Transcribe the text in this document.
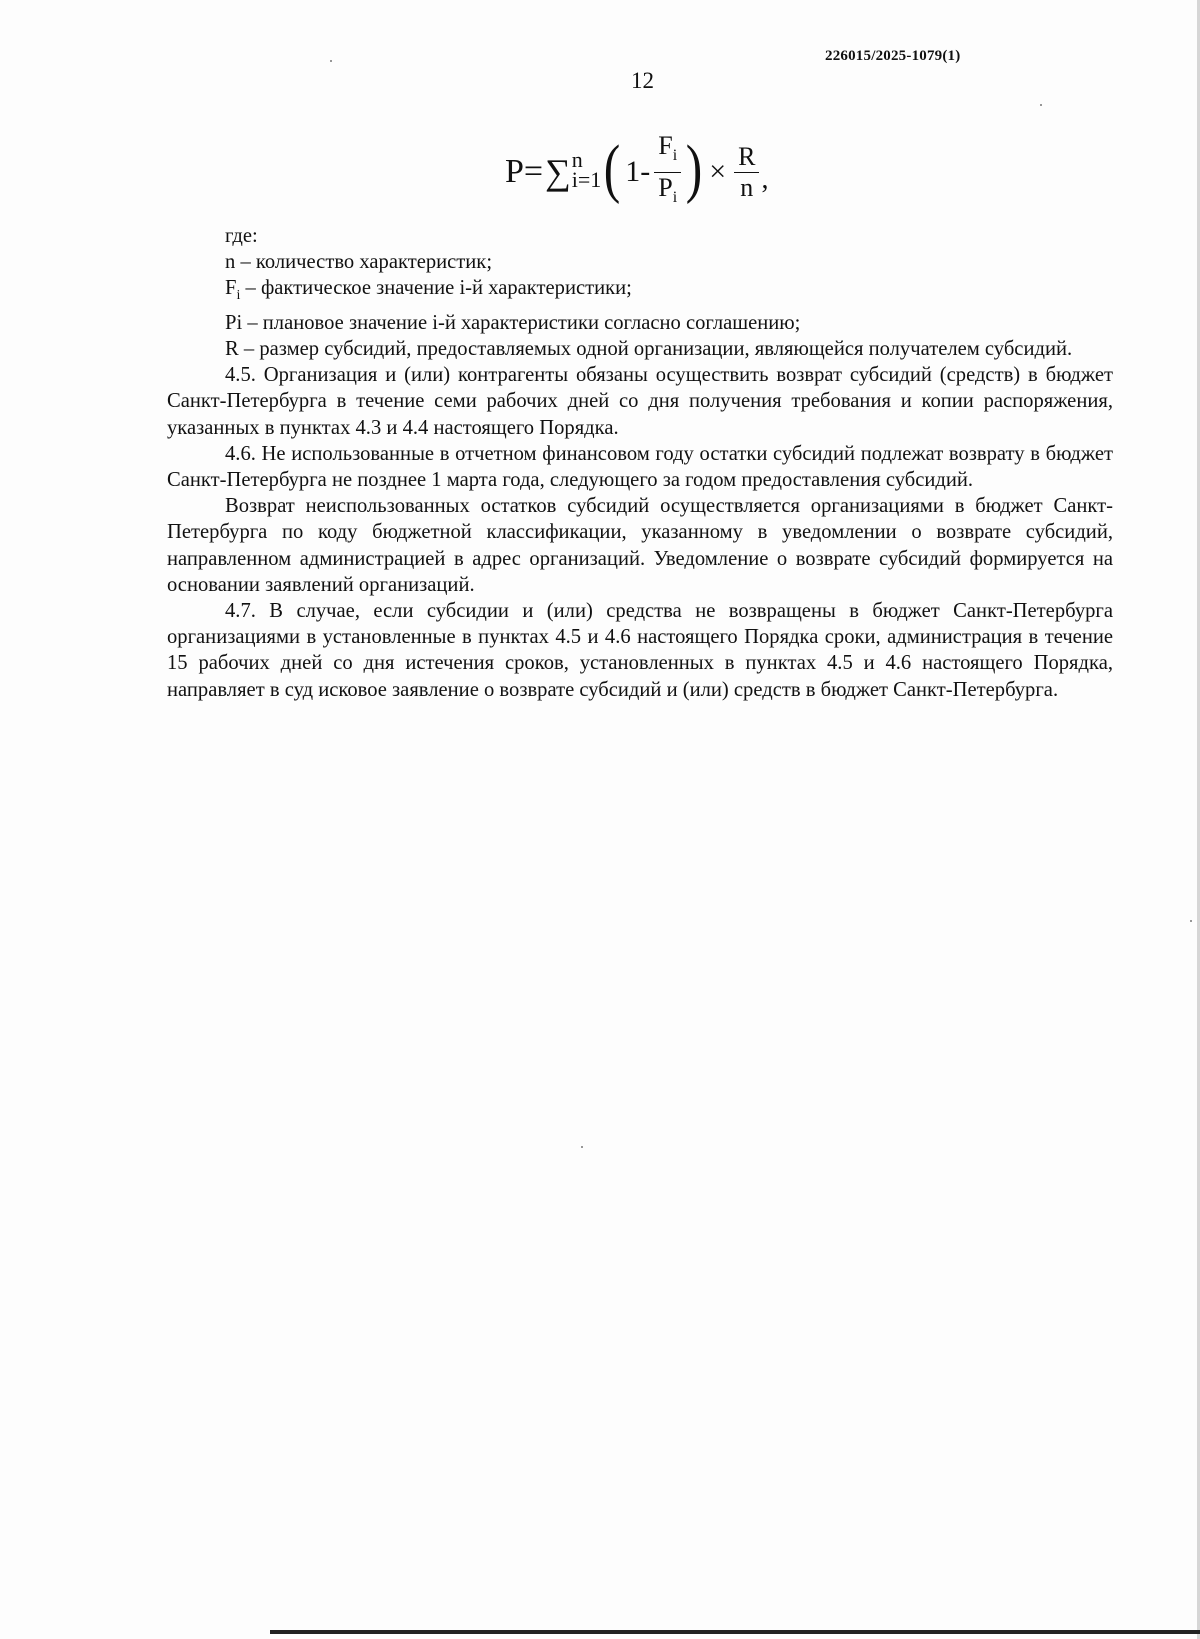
226015/2025-1079(1)
12
P= ∑ n
i=1 ( $1- \frac{F_i}{P_i}$ ) × $\frac{R}{n}$ ,

где:

n – количество характеристик;

$F_i$ – фактическое значение i-й характеристики;

Pi – плановое значение i-й характеристики согласно соглашению;

R – размер субсидий, предоставляемых одной организации, являющейся получателем субсидий.

4.5. Организация и (или) контрагенты обязаны осуществить возврат субсидий (средств) в бюджет Санкт-Петербурга в течение семи рабочих дней со дня получения требования и копии распоряжения, указанных в пунктах 4.3 и 4.4 настоящего Порядка.

4.6. Не использованные в отчетном финансовом году остатки субсидий подлежат возврату в бюджет Санкт-Петербурга не позднее 1 марта года, следующего за годом предоставления субсидий.

Возврат неиспользованных остатков субсидий осуществляется организациями в бюджет Санкт-Петербурга по коду бюджетной классификации, указанному в уведомлении о возврате субсидий, направленном администрацией в адрес организаций. Уведомление о возврате субсидий формируется на основании заявлений организаций.

4.7. В случае, если субсидии и (или) средства не возвращены в бюджет Санкт-Петербурга организациями в установленные в пунктах 4.5 и 4.6 настоящего Порядка сроки, администрация в течение 15 рабочих дней со дня истечения сроков, установленных в пунктах 4.5 и 4.6 настоящего Порядка, направляет в суд исковое заявление о возврате субсидий и (или) средств в бюджет Санкт-Петербурга.
